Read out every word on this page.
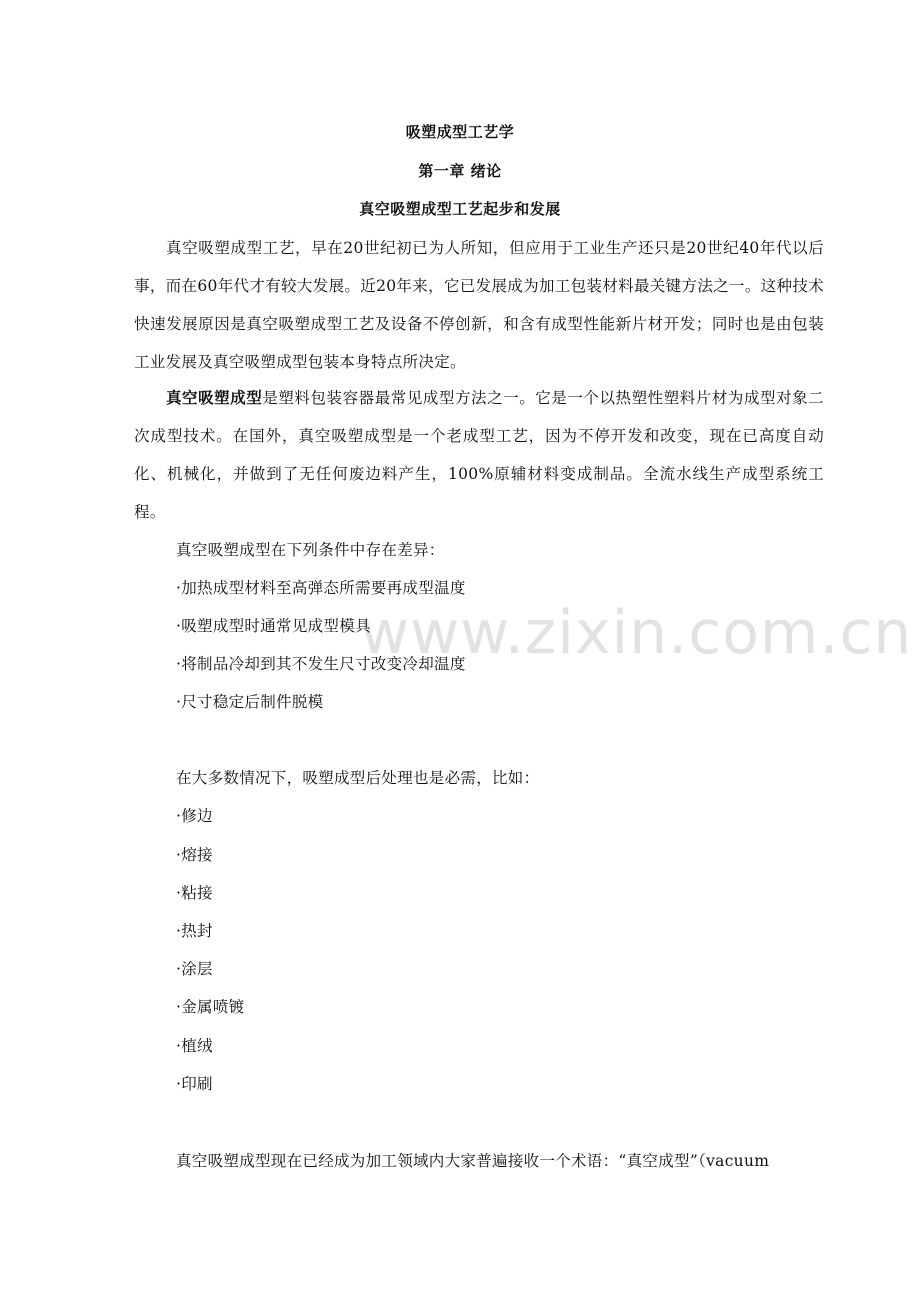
www.zixin.com.cn
吸塑成型工艺学
第一章 绪论
真空吸塑成型工艺起步和发展

真空吸塑成型工艺，早在20世纪初已为人所知，但应用于工业生产还只是20世纪40年代以后事，而在60年代才有较大发展。近20年来，它已发展成为加工包装材料最关键方法之一。这种技术快速发展原因是真空吸塑成型工艺及设备不停创新，和含有成型性能新片材开发；同时也是由包装工业发展及真空吸塑成型包装本身特点所决定。

真空吸塑成型是塑料包装容器最常见成型方法之一。它是一个以热塑性塑料片材为成型对象二次成型技术。在国外，真空吸塑成型是一个老成型工艺，因为不停开发和改变，现在已高度自动化、机械化，并做到了无任何废边料产生，100%原辅材料变成制品。全流水线生产成型系统工程。

真空吸塑成型在下列条件中存在差异：
·加热成型材料至高弹态所需要再成型温度
·吸塑成型时通常见成型模具
·将制品冷却到其不发生尺寸改变冷却温度
·尺寸稳定后制件脱模
在大多数情况下，吸塑成型后处理也是必需，比如：
·修边
·熔接
·粘接
·热封
·涂层
·金属喷镀
·植绒
·印刷
真空吸塑成型现在已经成为加工领域内大家普遍接收一个术语：“真空成型”（vacuum
